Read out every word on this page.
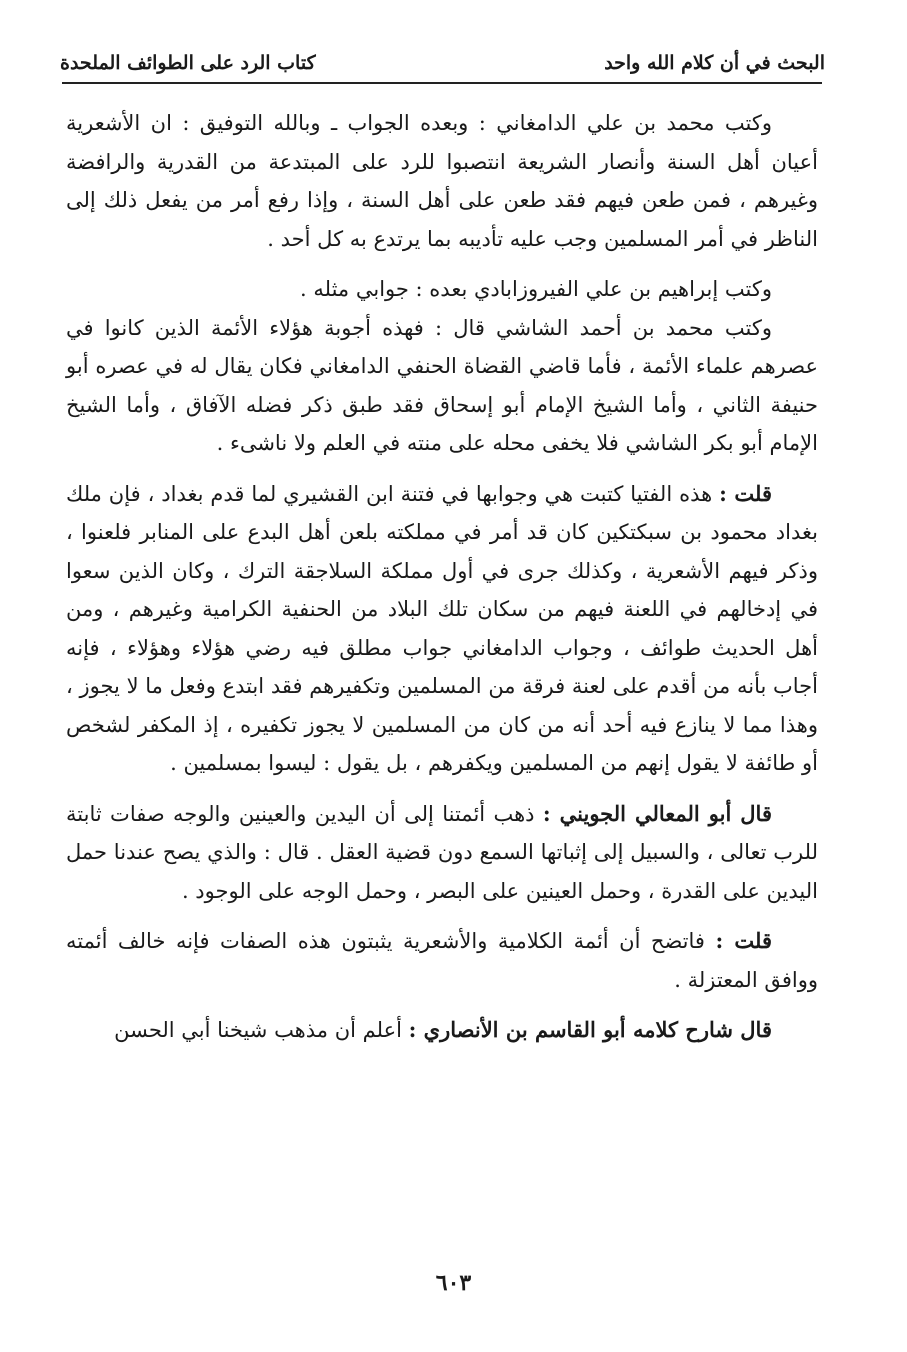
البحث في أن كلام الله واحد
كتاب الرد على الطوائف الملحدة

وكتب محمد بن علي الدامغاني : وبعده الجواب ـ وبالله التوفيق : ان الأشعرية أعيان أهل السنة وأنصار الشريعة انتصبوا للرد على المبتدعة من القدرية والرافضة وغيرهم ، فمن طعن فيهم فقد طعن على أهل السنة ، وإذا رفع أمر من يفعل ذلك إلى الناظر في أمر المسلمين وجب عليه تأديبه بما يرتدع به كل أحد .

وكتب إبراهيم بن علي الفيروزابادي بعده : جوابي مثله .

وكتب محمد بن أحمد الشاشي قال : فهذه أجوبة هؤلاء الأئمة الذين كانوا في عصرهم علماء الأئمة ، فأما قاضي القضاة الحنفي الدامغاني فكان يقال له في عصره أبو حنيفة الثاني ، وأما الشيخ الإمام أبو إسحاق فقد طبق ذكر فضله الآفاق ، وأما الشيخ الإمام أبو بكر الشاشي فلا يخفى محله على منته في العلم ولا ناشىء .

قلت : هذه الفتيا كتبت هي وجوابها في فتنة ابن القشيري لما قدم بغداد ، فإن ملك بغداد محمود بن سبكتكين كان قد أمر في مملكته بلعن أهل البدع على المنابر فلعنوا ، وذكر فيهم الأشعرية ، وكذلك جرى في أول مملكة السلاجقة الترك ، وكان الذين سعوا في إدخالهم في اللعنة فيهم من سكان تلك البلاد من الحنفية الكرامية وغيرهم ، ومن أهل الحديث طوائف ، وجواب الدامغاني جواب مطلق فيه رضي هؤلاء وهؤلاء ، فإنه أجاب بأنه من أقدم على لعنة فرقة من المسلمين وتكفيرهم فقد ابتدع وفعل ما لا يجوز ، وهذا مما لا ينازع فيه أحد أنه من كان من المسلمين لا يجوز تكفيره ، إذ المكفر لشخص أو طائفة لا يقول إنهم من المسلمين ويكفرهم ، بل يقول : ليسوا بمسلمين .

قال أبو المعالي الجويني : ذهب أئمتنا إلى أن اليدين والعينين والوجه صفات ثابتة للرب تعالى ، والسبيل إلى إثباتها السمع دون قضية العقل . قال : والذي يصح عندنا حمل اليدين على القدرة ، وحمل العينين على البصر ، وحمل الوجه على الوجود .

قلت : فاتضح أن أئمة الكلامية والأشعرية يثبتون هذه الصفات فإنه خالف أئمته ووافق المعتزلة .

قال شارح كلامه أبو القاسم بن الأنصاري : أعلم أن مذهب شيخنا أبي الحسن

٦٠٣
